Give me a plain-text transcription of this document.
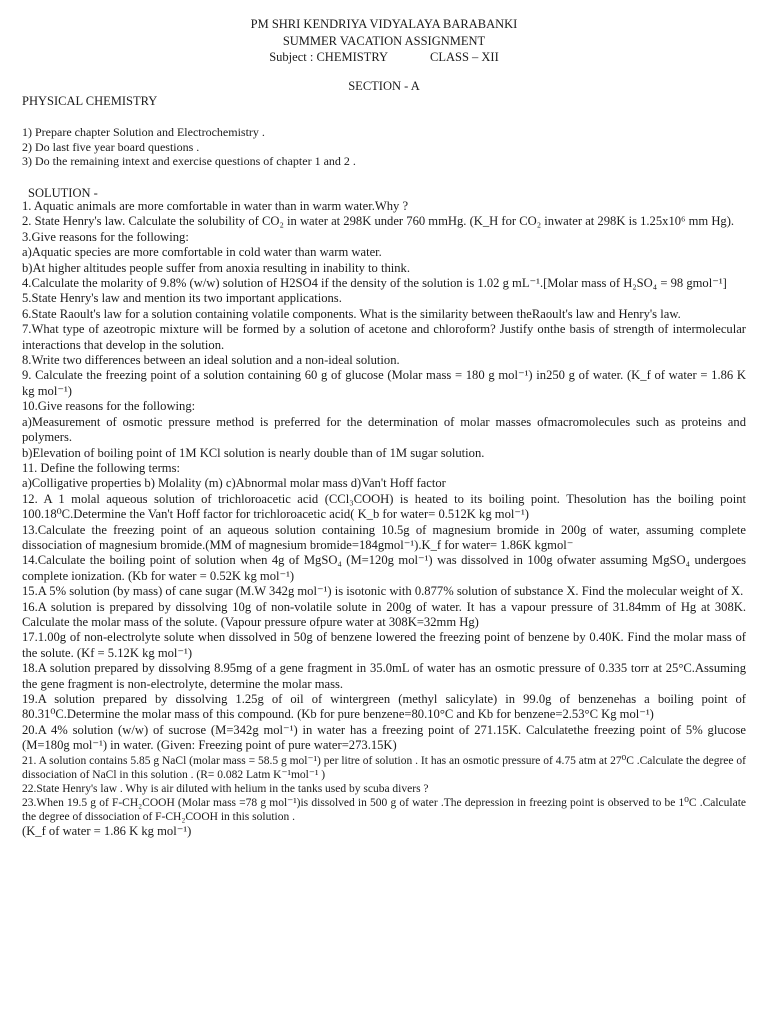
PM SHRI KENDRIYA VIDYALAYA BARABANKI
SUMMER VACATION ASSIGNMENT
Subject : CHEMISTRY	CLASS – XII
SECTION - A
PHYSICAL CHEMISTRY
1) Prepare chapter Solution and Electrochemistry .
2) Do last five year board questions .
3) Do the remaining intext and exercise questions of chapter 1 and 2 .
SOLUTION -

1. Aquatic animals are more comfortable in water than in warm water.Why ?

2. State Henry's law. Calculate the solubility of CO₂ in water at 298K under 760 mmHg. (K_H for CO₂ inwater at 298K is 1.25x10⁶ mm Hg).

3.Give reasons for the following:

a)Aquatic species are more comfortable in cold water than warm water.

b)At higher altitudes people suffer from anoxia resulting in inability to think.

4.Calculate the molarity of 9.8% (w/w) solution of H2SO4 if the density of the solution is 1.02 g mL⁻¹.[Molar mass of H₂SO₄ = 98 gmol⁻¹]

5.State Henry's law and mention its two important applications.

6.State Raoult's law for a solution containing volatile components. What is the similarity between theRaoult's law and Henry's law.

7.What type of azeotropic mixture will be formed by a solution of acetone and chloroform? Justify onthe basis of strength of intermolecular interactions that develop in the solution.

8.Write two differences between an ideal solution and a non-ideal solution.

9. Calculate the freezing point of a solution containing 60 g of glucose (Molar mass = 180 g mol⁻¹) in250 g of water. (K_f of water = 1.86 K kg mol⁻¹)

10.Give reasons for the following:

a)Measurement of osmotic pressure method is preferred for the determination of molar masses ofmacromolecules such as proteins and polymers.

b)Elevation of boiling point of 1M KCl solution is nearly double than of 1M sugar solution.

11. Define the following terms:

a)Colligative properties b) Molality (m) c)Abnormal molar mass d)Van't Hoff factor

12. A 1 molal aqueous solution of trichloroacetic acid (CCl₃COOH) is heated to its boiling point. Thesolution has the boiling point 100.18⁰C.Determine the Van't Hoff factor for trichloroacetic acid( K_b for water= 0.512K kg mol⁻¹)

13.Calculate the freezing point of an aqueous solution containing 10.5g of magnesium bromide in 200g of water, assuming complete dissociation of magnesium bromide.(MM of magnesium bromide=184gmol⁻¹).K_f for water= 1.86K kgmol⁻

14.Calculate the boiling point of solution when 4g of MgSO₄ (M=120g mol⁻¹) was dissolved in 100g ofwater assuming MgSO₄ undergoes complete ionization. (Kb for water = 0.52K kg mol⁻¹)

15.A 5% solution (by mass) of cane sugar (M.W 342g mol⁻¹) is isotonic with 0.877% solution of substance X. Find the molecular weight of X.

16.A solution is prepared by dissolving 10g of non-volatile solute in 200g of water. It has a vapour pressure of 31.84mm of Hg at 308K. Calculate the molar mass of the solute. (Vapour pressure ofpure water at 308K=32mm Hg)

17.1.00g of non-electrolyte solute when dissolved in 50g of benzene lowered the freezing point of benzene by 0.40K. Find the molar mass of the solute. (Kf = 5.12K kg mol⁻¹)

18.A solution prepared by dissolving 8.95mg of a gene fragment in 35.0mL of water has an osmotic pressure of 0.335 torr at 25°C.Assuming the gene fragment is non-electrolyte, determine the molar mass.

19.A solution prepared by dissolving 1.25g of oil of wintergreen (methyl salicylate) in 99.0g of benzenehas a boiling point of 80.31⁰C.Determine the molar mass of this compound. (Kb for pure benzene=80.10°C and Kb for benzene=2.53°C Kg mol⁻¹)

20.A 4% solution (w/w) of sucrose (M=342g mol⁻¹) in water has a freezing point of 271.15K. Calculatethe freezing point of 5% glucose (M=180g mol⁻¹) in water. (Given: Freezing point of pure water=273.15K)

21. A solution contains 5.85 g NaCl (molar mass = 58.5 g mol⁻¹) per litre of solution . It has an osmotic pressure of 4.75 atm at 27⁰C .Calculate the degree of dissociation of NaCl in this solution . (R= 0.082 Latm K⁻¹mol⁻¹ )

22.State Henry's law . Why is air diluted with helium in the tanks used by scuba divers ?

23.When 19.5 g of F-CH₂COOH (Molar mass =78 g mol⁻¹)is dissolved in 500 g of water .The depression in freezing point is observed to be 1⁰C .Calculate the degree of dissociation of F-CH₂COOH in this solution .

(K_f of water = 1.86 K kg mol⁻¹)
